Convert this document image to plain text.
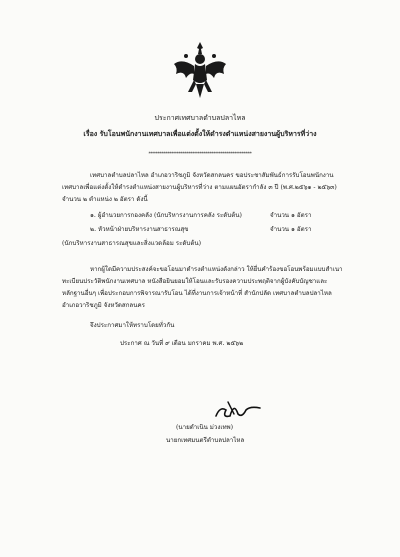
ประกาศเทศบาลตำบลปลาไหล
เรื่อง รับโอนพนักงานเทศบาลเพื่อแต่งตั้งให้ดำรงตำแหน่งสายงานผู้บริหารที่ว่าง
*************************************************
เทศบาลตำบลปลาไหล อำเภอวาริชภูมิ จังหวัดสกลนคร ขอประชาสัมพันธ์การรับโอนพนักงาน
เทศบาลเพื่อแต่งตั้งให้ดำรงตำแหน่งสายงานผู้บริหารที่ว่าง ตามแผนอัตรากำลัง ๓ ปี (พ.ศ.๒๕๖๑ - ๒๕๖๓)
จำนวน ๒ ตำแหน่ง ๒ อัตรา ดังนี้
๑. ผู้อำนวยการกองคลัง (นักบริหารงานการคลัง ระดับต้น)	จำนวน ๑ อัตรา
๒. หัวหน้าฝ่ายบริหารงานสาธารณสุข	จำนวน ๑ อัตรา
(นักบริหารงานสาธารณสุขและสิ่งแวดล้อม ระดับต้น)
หากผู้ใดมีความประสงค์จะขอโอนมาดำรงตำแหน่งดังกล่าว ให้ยื่นคำร้องขอโอนพร้อมแบบสำเนา
ทะเบียนประวัติพนักงานเทศบาล หนังสือยินยอมให้โอนและรับรองความประพฤติจากผู้บังคับบัญชาและ
หลักฐานอื่นๆ เพื่อประกอบการพิจารณารับโอน ได้ที่งานการเจ้าหน้าที่ สำนักปลัด เทศบาลตำบลปลาไหล
อำเภอวาริชภูมิ จังหวัดสกลนคร
จึงประกาศมาให้ทราบโดยทั่วกัน
ประกาศ ณ วันที่ ๙ เดือน มกราคม พ.ศ. ๒๕๖๒
(นายดำเนิน ม่วงเทพ)
นายกเทศมนตรีตำบลปลาไหล
